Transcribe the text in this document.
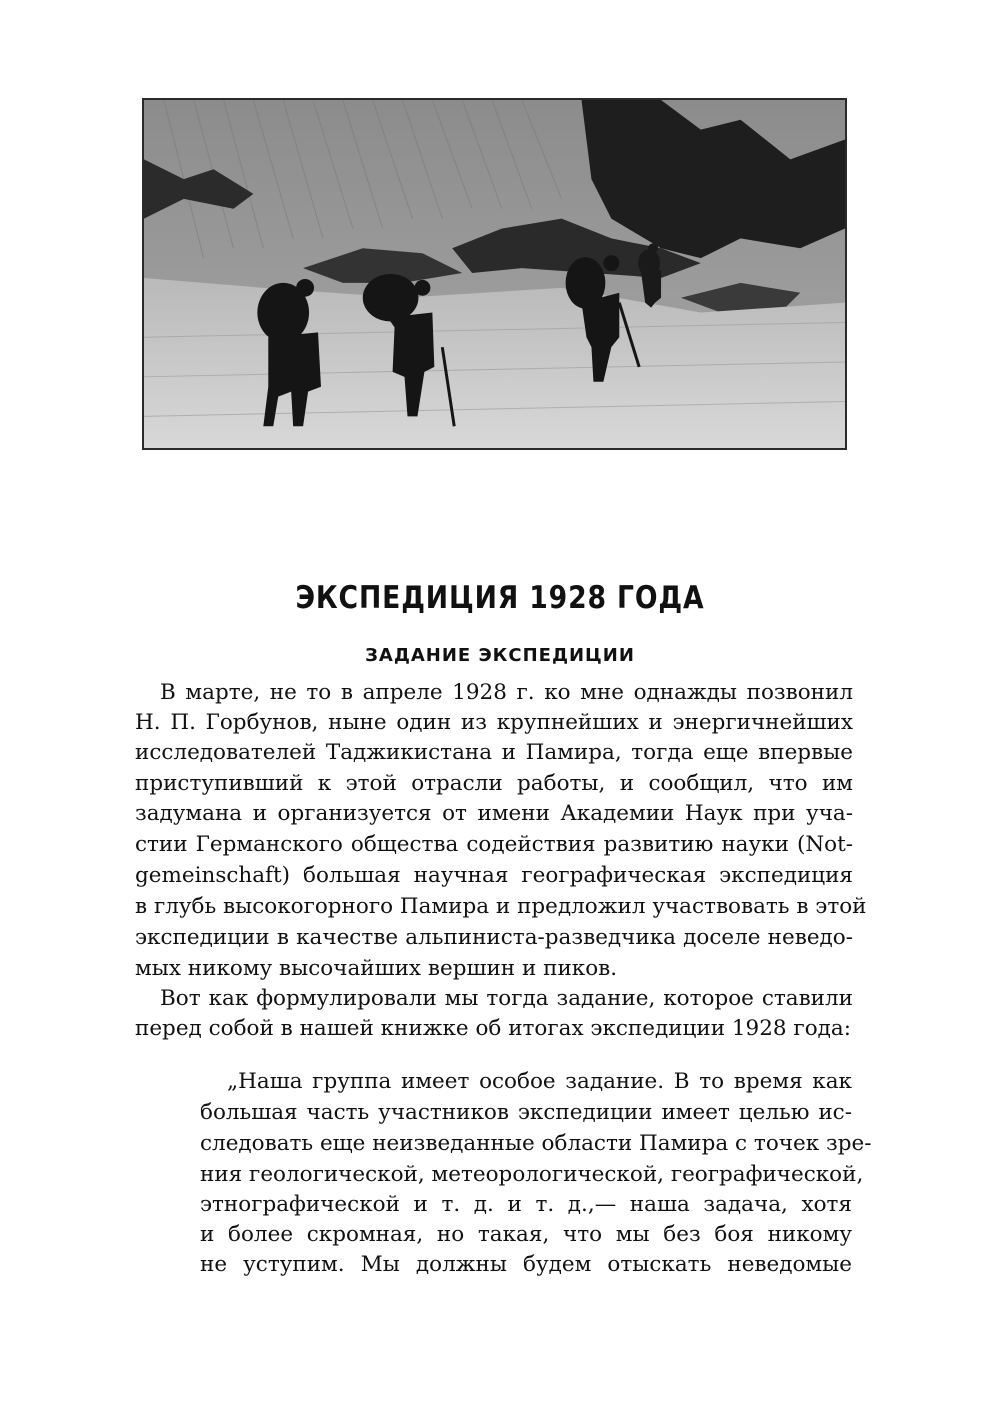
ЭКСПЕДИЦИЯ 1928 ГОДА
ЗАДАНИЕ ЭКСПЕДИЦИИ
В марте, не то в апреле 1928 г. ко мне однажды позвонил
Н. П. Горбунов, ныне один из крупнейших и энергичнейших
исследователей Таджикистана и Памира, тогда еще впервые
приступивший к этой отрасли работы, и сообщил, что им
задумана и организуется от имени Академии Наук при уча-
стии Германского общества содействия развитию науки (Not-
gemeinschaft) большая научная географическая экспедиция
в глубь высокогорного Памира и предложил участвовать в этой
экспедиции в качестве альпиниста-разведчика доселе неведо-
мых никому высочайших вершин и пиков.
Вот как формулировали мы тогда задание, которое ставили
перед собой в нашей книжке об итогах экспедиции 1928 года:
„Наша группа имеет особое задание. В то время как
большая часть участников экспедиции имеет целью ис-
следовать еще неизведанные области Памира с точек зре-
ния геологической, метеорологической, географической,
этнографической и т. д. и т. д.,— наша задача, хотя
и более скромная, но такая, что мы без боя никому
не уступим. Мы должны будем отыскать неведомые
